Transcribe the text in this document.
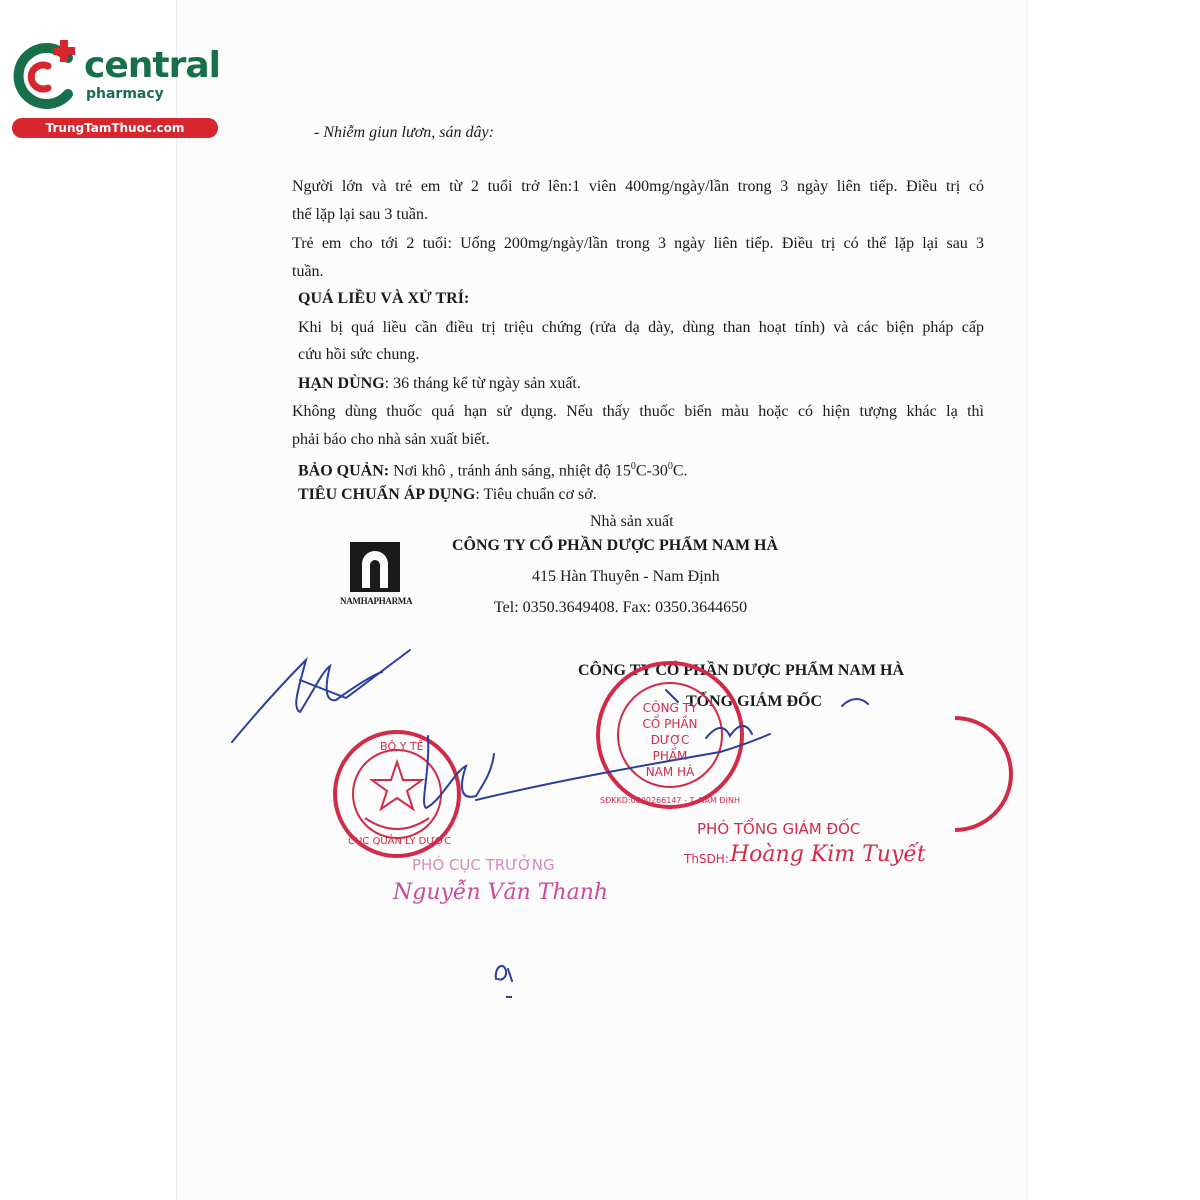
central
pharmacy
TrungTamThuoc.com	- Nhiễm giun lươn, sán dây:
Người lớn và trẻ em từ 2 tuổi trở lên:1 viên 400mg/ngày/lần trong 3 ngày liên tiếp. Điều trị có
thể lặp lại sau 3 tuần.
Trẻ em cho tới 2 tuổi: Uống 200mg/ngày/lần trong 3 ngày liên tiếp. Điều trị có thể lặp lại sau 3
tuần.
QUÁ LIỀU VÀ XỬ TRÍ:
Khi bị quá liều cần điều trị triệu chứng (rửa dạ dày, dùng than hoạt tính) và các biện pháp cấp
cứu hồi sức chung.
HẠN DÙNG: 36 tháng kể từ ngày sản xuất.
Không dùng thuốc quá hạn sử dụng. Nếu thấy thuốc biến màu hoặc có hiện tượng khác lạ thì
phải báo cho nhà sản xuất biết.
BẢO QUẢN: Nơi khô , tránh ánh sáng, nhiệt độ $15^0C-30^0C$.
TIÊU CHUẨN ÁP DỤNG: Tiêu chuẩn cơ sở.
Nhà sản xuất
CÔNG TY CỔ PHẦN DƯỢC PHẨM NAM HÀ
415 Hàn Thuyên - Nam Định
Tel: 0350.3649408. Fax: 0350.3644650
NAMHAPHARMA
CÔNG TY CỔ PHẦN DƯỢC PHẨM NAM HÀ
TỔNG GIÁM ĐỐC
BỘ Y TẾ
CỤC QUẢN LÝ DƯỢC
CÔNG TY
CỔ PHẦN
DƯỢC PHẨM
NAM HÀ
SĐKKD:0600266147 - T. NAM ĐỊNH
PHÓ TỔNG GIÁM ĐỐC
ThSDH: Hoàng Kim Tuyết
PHÓ CỤC TRƯỞNG
Nguyễn Văn Thanh
